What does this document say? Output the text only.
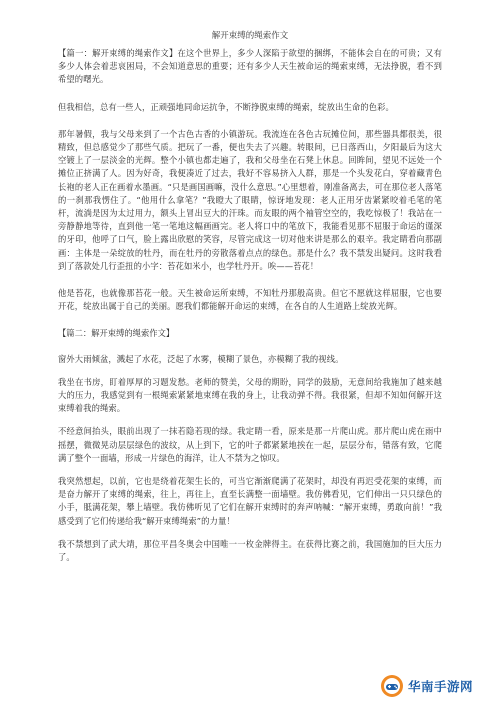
解开束缚的绳索作文

【篇一：解开束缚的绳索作文】在这个世界上，多少人深陷于欲望的捆绑，不能体会自在的可贵；又有多少人体会着悲哀困局，不会知道意思的重要；还有多少人天生被命运的绳索束缚，无法挣脱，看不到希望的曙光。

但我相信，总有一些人，正顽强地同命运抗争，不断挣脱束缚的绳索，绽放出生命的色彩。

那年暑假，我与父母来到了一个古色古香的小镇游玩。我流连在各色古玩摊位间，那些器具都很美，很精致，但总感觉少了那些气质。把玩了一番，便也失去了兴趣。转眼间，已日落西山，夕阳最后为这大空镀上了一层淡金的光辉。整个小镇也都走遍了，我和父母坐在石凳上休息。回眸间，望见不远处一个摊位正挤满了人。因为好奇，我便凑近了过去，我好不容易挤入人群，那是一个头发花白，穿着藏青色长袍的老人正在画着水墨画。“只是画国画嘛，没什么意思。”心里想着，刚准备离去，可在那位老人落笔的一刹那我愣住了。“他用什么拿笔？”我瞪大了眼睛，惊讶地发现：老人正用牙齿紧紧咬着毛笔的笔杆，流淌是因为太过用力，额头上冒出豆大的汗珠。而友眼的两个袖管空空的，我吃惊极了！我站在一旁静静地等待，直到他一笔一笔地这幅画画完。老人将口中的笔放下，我能看见那不屈服于命运的谨深的牙印，他呼了口气，脸上露出欣慰的笑容，尽管完成这一切对他来讲是那么的艰辛。我定睛看向那副画：主体是一朵绽放的牡丹，而在牡丹的旁散落着点点的绿色。那是什么？我不禁发出疑问。这时我看到了落款处几行歪扭的小字：苔花如米小，也学牡丹开。唉——苔花！

他是苔花，也就像那苔花一般。天生被命运所束缚，不知牡丹那般高贵。但它不愿就这样屈服，它也要开花，绽放出属于自己的美丽。愿我们都能解开命运的束缚，在各自的人生道路上绽放光辉。

【篇二：解开束缚的绳索作文】

窗外大雨倾盆，溅起了水花，泛起了水雾，模糊了景色，亦模糊了我的视线。

我坐在书房，盯着厚厚的习题发愁。老师的赞美，父母的期盼，同学的鼓励，无意间给我施加了越来越大的压力，我感觉到有一根绳索紧紧地束缚在我的身上，让我动弹不得。我很紧，但却不知如何解开这束缚着我的绳索。

不经意间抬头，眼前出现了一抹若隐若现的绿。我定睛一看，原来是那一片爬山虎。那片爬山虎在雨中摇摆，微微晃动层层绿色的波纹，从上到下，它的叶子都紧紧地挨在一起，层层分布，错落有致，它爬满了整个一面墙，形成一片绿色的海洋，让人不禁为之惊叹。

我突然想起，以前，它也是绕着花架生长的，可当它渐渐爬满了花架时，却没有再迟受花架的束缚，而是奋力解开了束缚的绳索，往上，再往上，直至长满整一面墙壁。我仿佛看见，它们伸出一只只绿色的小手，胝满花架，攀上墙壁。我仿佛听见了它们在解开束缚时的奔声呐喊：“解开束缚，勇敢向前！”我感受到了它们传递给我“解开束缚绳索”的力量！

我不禁想到了武大靖，那位平昌冬奥会中国唯一一枚金牌得主。在获得比赛之前，我国施加的巨大压力了。

华南手游网
